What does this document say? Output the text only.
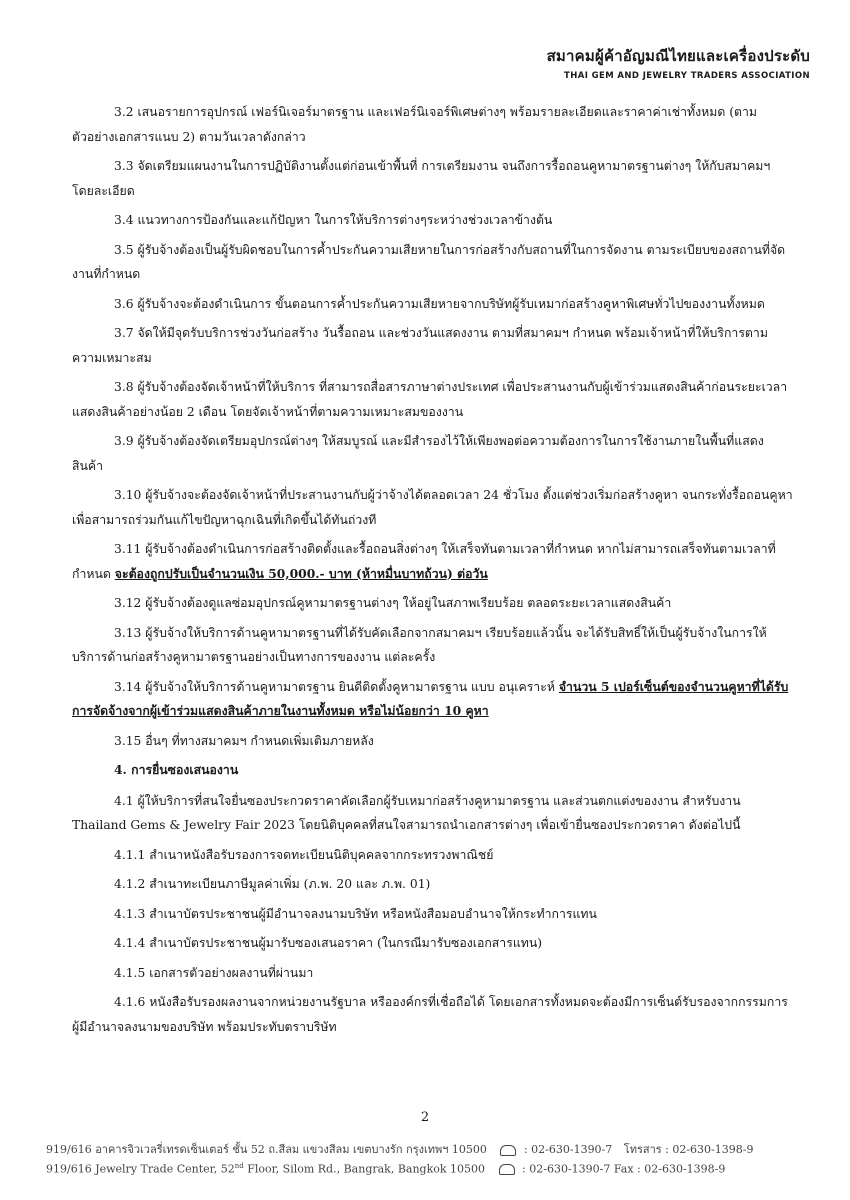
สมาคมผู้ค้าอัญมณีไทยและเครื่องประดับ
THAI GEM AND JEWELRY TRADERS ASSOCIATION

3.2 เสนอรายการอุปกรณ์ เฟอร์นิเจอร์มาตรฐาน และเฟอร์นิเจอร์พิเศษต่างๆ พร้อมรายละเอียดและราคาค่าเช่าทั้งหมด (ตามตัวอย่างเอกสารแนบ 2) ตามวันเวลาดังกล่าว

3.3 จัดเตรียมแผนงานในการปฏิบัติงานตั้งแต่ก่อนเข้าพื้นที่ การเตรียมงาน จนถึงการรื้อถอนคูหามาตรฐานต่างๆ ให้กับสมาคมฯ โดยละเอียด

3.4 แนวทางการป้องกันและแก้ปัญหา ในการให้บริการต่างๆระหว่างช่วงเวลาข้างต้น

3.5 ผู้รับจ้างต้องเป็นผู้รับผิดชอบในการค้ำประกันความเสียหายในการก่อสร้างกับสถานที่ในการจัดงาน ตามระเบียบของสถานที่จัดงานที่กำหนด

3.6 ผู้รับจ้างจะต้องดำเนินการ ขั้นตอนการค้ำประกันความเสียหายจากบริษัทผู้รับเหมาก่อสร้างคูหาพิเศษทั่วไปของงานทั้งหมด

3.7 จัดให้มีจุดรับบริการช่วงวันก่อสร้าง วันรื้อถอน และช่วงวันแสดงงาน ตามที่สมาคมฯ กำหนด พร้อมเจ้าหน้าที่ให้บริการตามความเหมาะสม

3.8 ผู้รับจ้างต้องจัดเจ้าหน้าที่ให้บริการ ที่สามารถสื่อสารภาษาต่างประเทศ เพื่อประสานงานกับผู้เข้าร่วมแสดงสินค้าก่อนระยะเวลาแสดงสินค้าอย่างน้อย 2 เดือน โดยจัดเจ้าหน้าที่ตามความเหมาะสมของงาน

3.9 ผู้รับจ้างต้องจัดเตรียมอุปกรณ์ต่างๆ ให้สมบูรณ์ และมีสำรองไว้ให้เพียงพอต่อความต้องการในการใช้งานภายในพื้นที่แสดงสินค้า

3.10 ผู้รับจ้างจะต้องจัดเจ้าหน้าที่ประสานงานกับผู้ว่าจ้างได้ตลอดเวลา 24 ชั่วโมง ตั้งแต่ช่วงเริ่มก่อสร้างคูหา จนกระทั่งรื้อถอนคูหา เพื่อสามารถร่วมกันแก้ไขปัญหาฉุกเฉินที่เกิดขึ้นได้ทันถ่วงที

3.11 ผู้รับจ้างต้องดำเนินการก่อสร้างติดตั้งและรื้อถอนสิ่งต่างๆ ให้เสร็จทันตามเวลาที่กำหนด หากไม่สามารถเสร็จทันตามเวลาที่กำหนด จะต้องถูกปรับเป็นจำนวนเงิน 50,000.- บาท (ห้าหมื่นบาทถ้วน) ต่อวัน

3.12 ผู้รับจ้างต้องดูแลซ่อมอุปกรณ์คูหามาตรฐานต่างๆ ให้อยู่ในสภาพเรียบร้อย ตลอดระยะเวลาแสดงสินค้า

3.13 ผู้รับจ้างให้บริการด้านคูหามาตรฐานที่ได้รับคัดเลือกจากสมาคมฯ เรียบร้อยแล้วนั้น จะได้รับสิทธิ์ให้เป็นผู้รับจ้างในการให้บริการด้านก่อสร้างคูหามาตรฐานอย่างเป็นทางการของงาน แต่ละครั้ง

3.14 ผู้รับจ้างให้บริการด้านคูหามาตรฐาน ยินดีติดตั้งคูหามาตรฐาน แบบ อนุเคราะห์ จำนวน 5 เปอร์เซ็นต์ของจำนวนคูหาที่ได้รับการจัดจ้างจากผู้เข้าร่วมแสดงสินค้าภายในงานทั้งหมด หรือไม่น้อยกว่า 10 คูหา

3.15 อื่นๆ ที่ทางสมาคมฯ กำหนดเพิ่มเติมภายหลัง

4. การยื่นซองเสนองาน

4.1 ผู้ให้บริการที่สนใจยื่นซองประกวดราคาคัดเลือกผู้รับเหมาก่อสร้างคูหามาตรฐาน และส่วนตกแต่งของงาน สำหรับงาน Thailand Gems & Jewelry Fair 2023 โดยนิติบุคคลที่สนใจสามารถนำเอกสารต่างๆ เพื่อเข้ายื่นซองประกวดราคา ดังต่อไปนี้

4.1.1 สำเนาหนังสือรับรองการจดทะเบียนนิติบุคคลจากกระทรวงพาณิชย์

4.1.2 สำเนาทะเบียนภาษีมูลค่าเพิ่ม (ภ.พ. 20 และ ภ.พ. 01)

4.1.3 สำเนาบัตรประชาชนผู้มีอำนาจลงนามบริษัท หรือหนังสือมอบอำนาจให้กระทำการแทน

4.1.4 สำเนาบัตรประชาชนผู้มารับซองเสนอราคา (ในกรณีมารับซองเอกสารแทน)

4.1.5 เอกสารตัวอย่างผลงานที่ผ่านมา

4.1.6 หนังสือรับรองผลงานจากหน่วยงานรัฐบาล หรือองค์กรที่เชื่อถือได้ โดยเอกสารทั้งหมดจะต้องมีการเซ็นต์รับรองจากกรรมการผู้มีอำนาจลงนามของบริษัท พร้อมประทับตราบริษัท

2
919/616 อาคารจิวเวลรี่เทรดเซ็นเตอร์ ชั้น 52 ถ.สีลม แขวงสีลม เขตบางรัก กรุงเทพฯ 10500	: 02-630-1390-7 โทรสาร : 02-630-1398-9
919/616 Jewelry Trade Center, 52nd Floor, Silom Rd., Bangrak, Bangkok 10500	: 02-630-1390-7 Fax : 02-630-1398-9
